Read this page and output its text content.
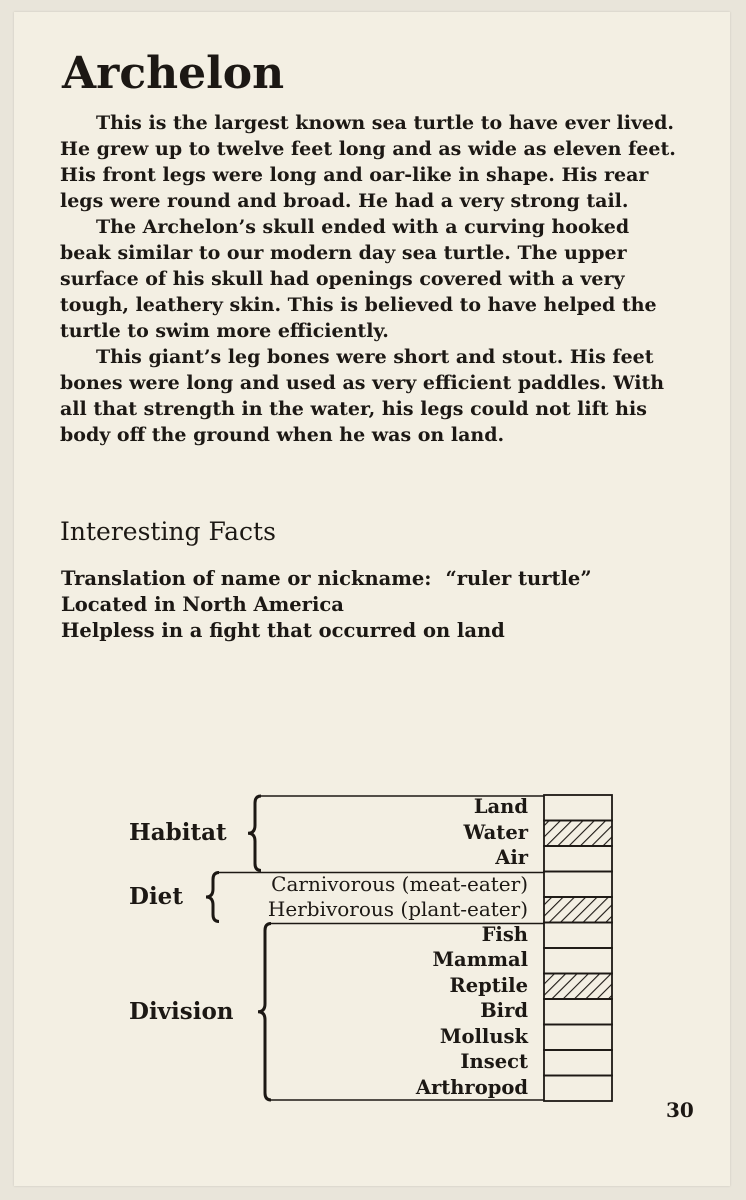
Archelon

This is the largest known sea turtle to have ever lived. He grew up to twelve feet long and as wide as eleven feet. His front legs were long and oar-like in shape. His rear legs were round and broad. He had a very strong tail.

The Archelon’s skull ended with a curving hooked beak similar to our modern day sea turtle. The upper surface of his skull had openings covered with a very tough, leathery skin. This is believed to have helped the turtle to swim more efficiently.

This giant’s leg bones were short and stout. His feet bones were long and used as very efficient paddles. With all that strength in the water, his legs could not lift his body off the ground when he was on land.

Interesting Facts
Translation of name or nickname: “ruler turtle”
Located in North America
Helpless in a fight that occurred on land
Habitat
Land
Water
Air
Diet	Carnivorous (meat-eater)
Herbivorous (plant-eater)
Division
Fish
Mammal
Reptile
Bird
Mollusk
Insect
Arthropod
30
